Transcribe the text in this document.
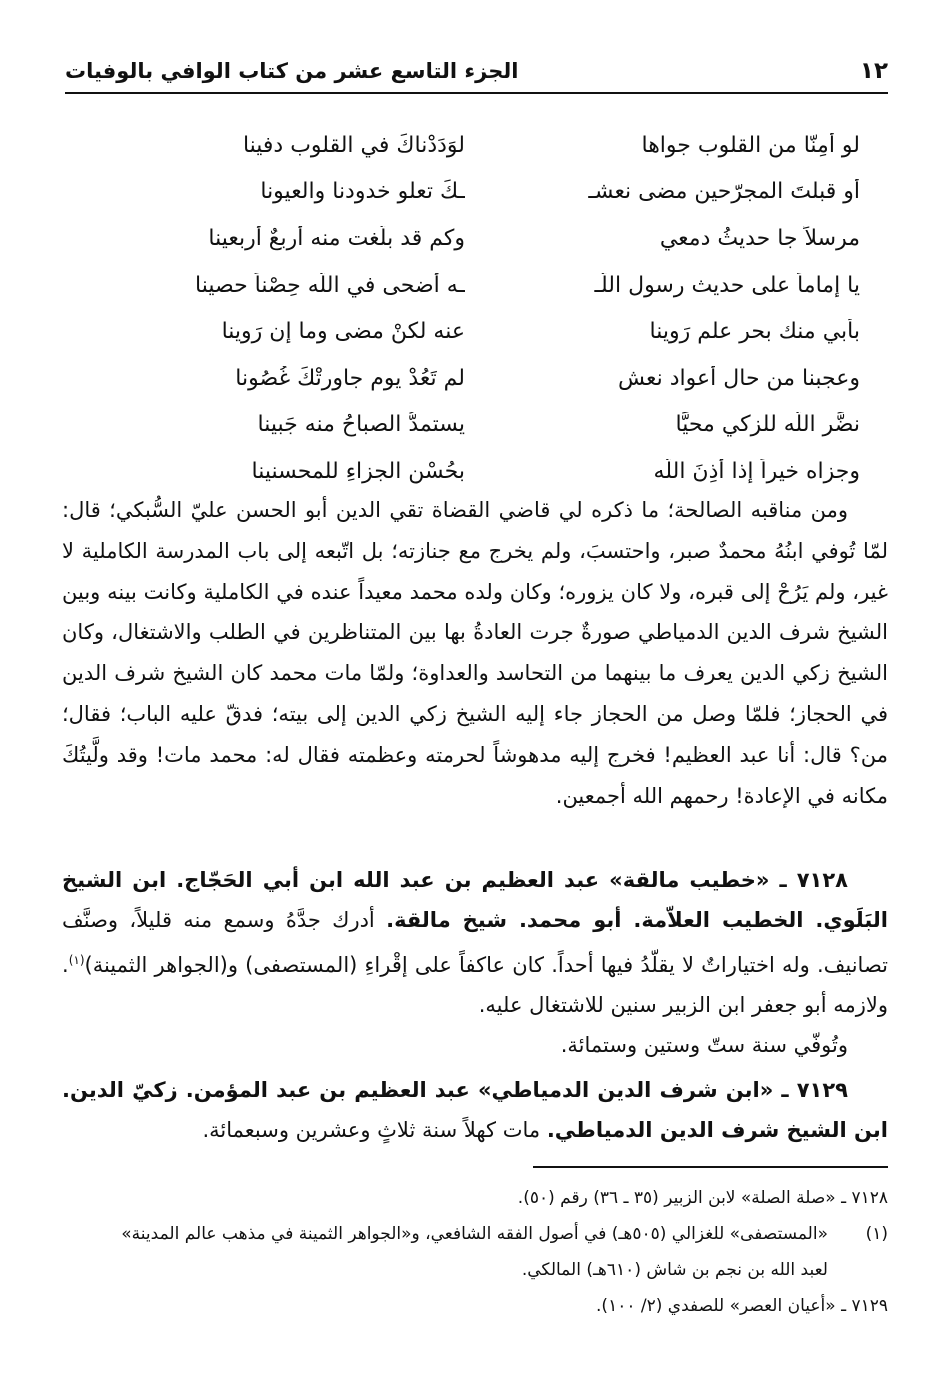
١٢
الجزء التاسع عشر من كتاب الوافي بالوفيات
لو أمِنّا من القلوب جواها
لوَدَدْناكَ في القلوب دفينا
أو قبلتَ المجرّحين مضى نعشـ
ـكَ تعلو خدودنا والعيونا
مرسلاً جا حديثُ دمعي
وكم قد بلَّغت منه أربعٌ أربعينا
يا إماماً على حديث رسول اللّـ
ـه أضحى في اللّه حِصْناً حصينا
بأبي منك بحر علم رَوينا
عنه لكنْ مضى وما إن رَوينا
وعجبنا من حال أعواد نعشٍ
لم تَعُدْ يوم جاورتْكَ غُصُونا
نضَّر اللّه للزكي محيًّا
يستمدُّ الصباحُ منه جَبينا
وجزاه خيراً إذا أذِنَ اللّه
بحُسْنِ الجزاءِ للمحسنينا

ومن مناقبه الصالحة؛ ما ذكره لي قاضي القضاة تقي الدين أبو الحسن عليّ السُّبكي؛ قال: لمّا تُوفي ابنُهُ محمدٌ صبر، واحتسبَ، ولم يخرج مع جنازته؛ بل اتّبعه إلى باب المدرسة الكاملية لا غير، ولم يَرُحْ إلى قبره، ولا كان يزوره؛ وكان ولده محمد معيداً عنده في الكاملية وكانت بينه وبين الشيخ شرف الدين الدمياطي صورةٌ جرت العادةُ بها بين المتناظرين في الطلب والاشتغال، وكان الشيخ زكي الدين يعرف ما بينهما من التحاسد والعداوة؛ ولمّا مات محمد كان الشيخ شرف الدين في الحجاز؛ فلمّا وصل من الحجاز جاء إليه الشيخ زكي الدين إلى بيته؛ فدقّ عليه الباب؛ فقال؛ من؟ قال: أنا عبد العظيم! فخرج إليه مدهوشاً لحرمته وعظمته فقال له: محمد مات! وقد ولَّيتُكَ مكانه في الإعادة! رحمهم الله أجمعين.

٧١٢٨ ـ «خطيب مالقة» عبد العظيم بن عبد الله ابن أبي الحَجّاج. ابن الشيخ البَلَوي. الخطيب العلاّمة. أبو محمد. شيخ مالقة. أدرك جدَّهُ وسمع منه قليلاً، وصنَّف تصانيف. وله اختياراتٌ لا يقلّدُ فيها أحداً. كان عاكفاً على إقْراءِ (المستصفى) و(الجواهر الثمينة)$^{(١)}$. ولازمه أبو جعفر ابن الزبير سنين للاشتغال عليه.

وتُوفّي سنة ستّ وستين وستمائة.

٧١٢٩ ـ «ابن شرف الدين الدمياطي» عبد العظيم بن عبد المؤمن. زكيّ الدين. ابن الشيخ شرف الدين الدمياطي. مات كهلاً سنة ثلاثٍ وعشرين وسبعمائة.

٧١٢٨ ـ «صلة الصلة» لابن الزبير (٣٥ ـ ٣٦) رقم (٥٠).
(١)
«المستصفى» للغزالي (٥٠٥هـ) في أصول الفقه الشافعي، و«الجواهر الثمينة في مذهب عالم المدينة»
لعبد الله بن نجم بن شاش (٦١٠هـ) المالكي.
٧١٢٩ ـ «أعيان العصر» للصفدي (٢/ ١٠٠).
